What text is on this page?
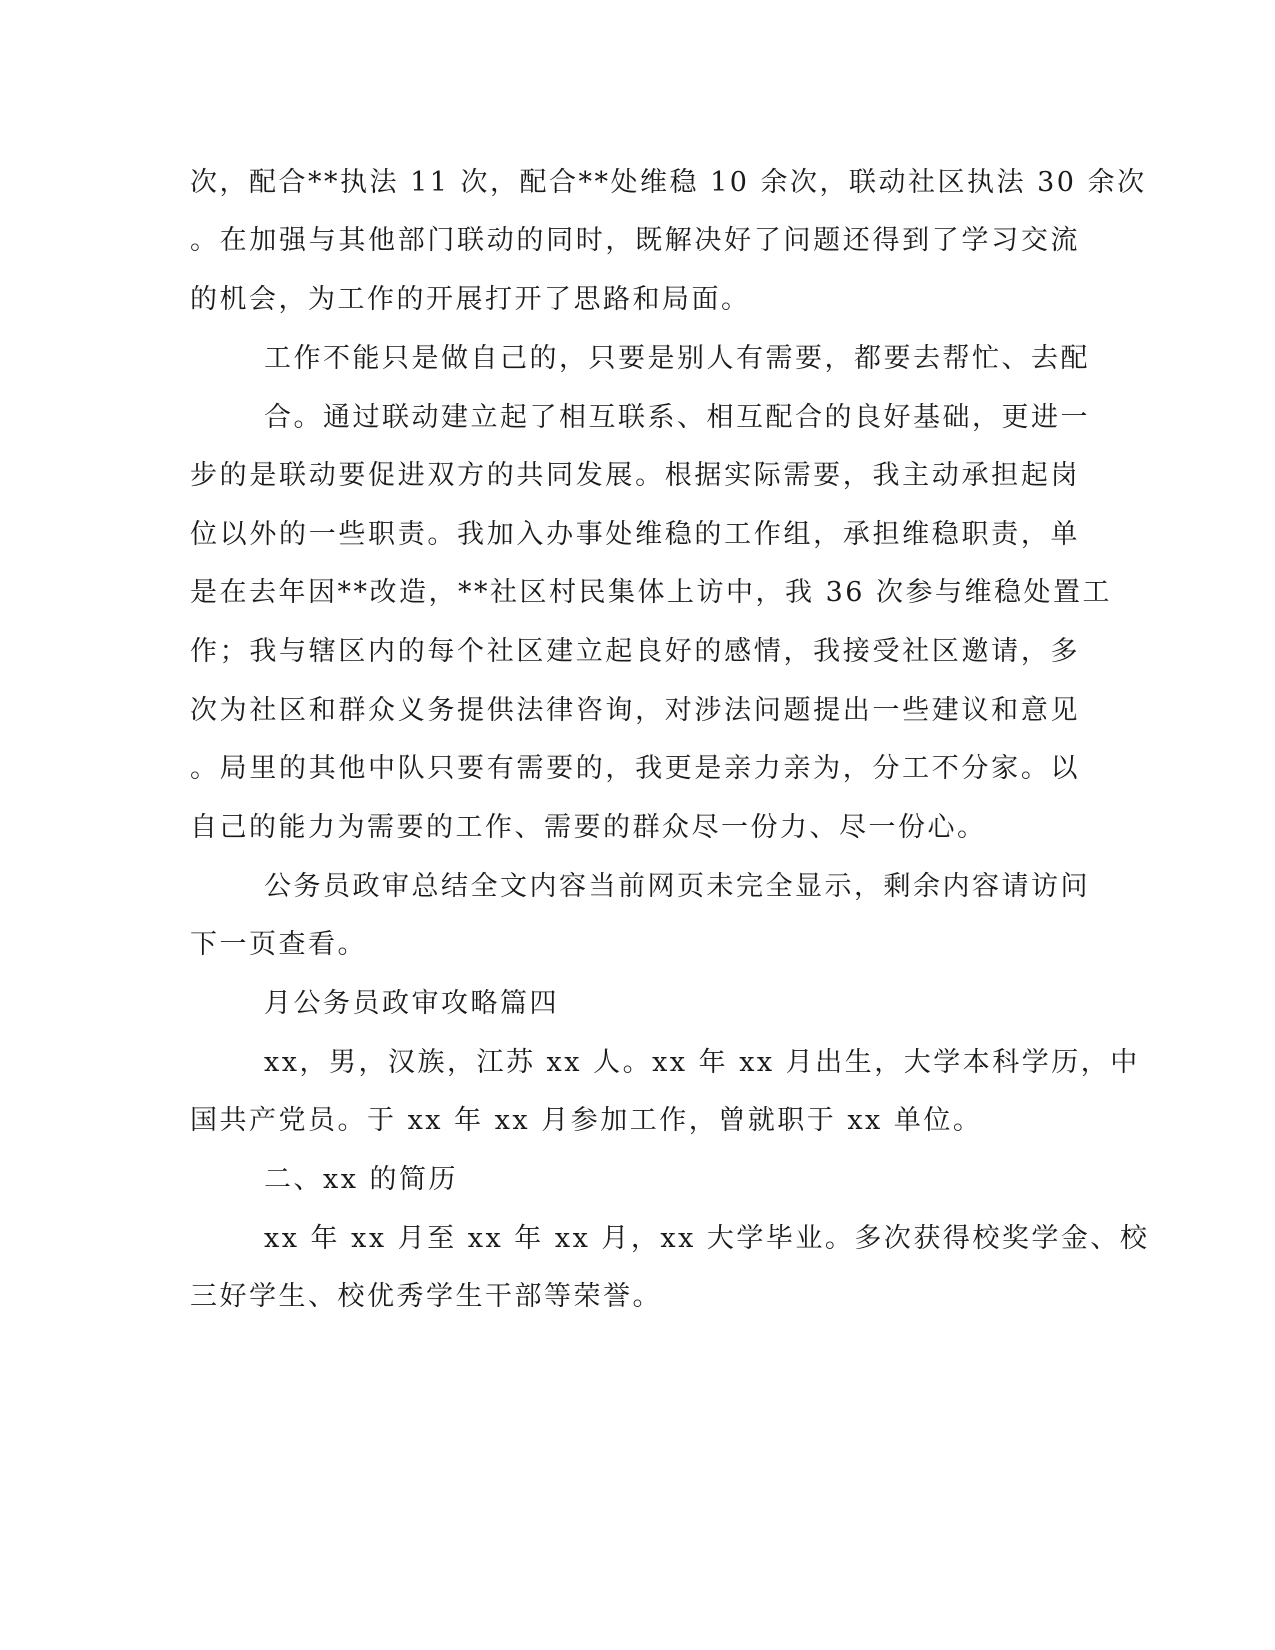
次，配合**执法 11 次，配合**处维稳 10 余次，联动社区执法 30 余次
。在加强与其他部门联动的同时，既解决好了问题还得到了学习交流
的机会，为工作的开展打开了思路和局面。
工作不能只是做自己的，只要是别人有需要，都要去帮忙、去配
合。通过联动建立起了相互联系、相互配合的良好基础，更进一
步的是联动要促进双方的共同发展。根据实际需要，我主动承担起岗
位以外的一些职责。我加入办事处维稳的工作组，承担维稳职责，单
是在去年因**改造，**社区村民集体上访中，我 36 次参与维稳处置工
作；我与辖区内的每个社区建立起良好的感情，我接受社区邀请，多
次为社区和群众义务提供法律咨询，对涉法问题提出一些建议和意见
。局里的其他中队只要有需要的，我更是亲力亲为，分工不分家。以
自己的能力为需要的工作、需要的群众尽一份力、尽一份心。
公务员政审总结全文内容当前网页未完全显示，剩余内容请访问
下一页查看。
月公务员政审攻略篇四
xx，男，汉族，江苏 xx 人。xx 年 xx 月出生，大学本科学历，中
国共产党员。于 xx 年 xx 月参加工作，曾就职于 xx 单位。
二、xx 的简历
xx 年 xx 月至 xx 年 xx 月，xx 大学毕业。多次获得校奖学金、校
三好学生、校优秀学生干部等荣誉。
